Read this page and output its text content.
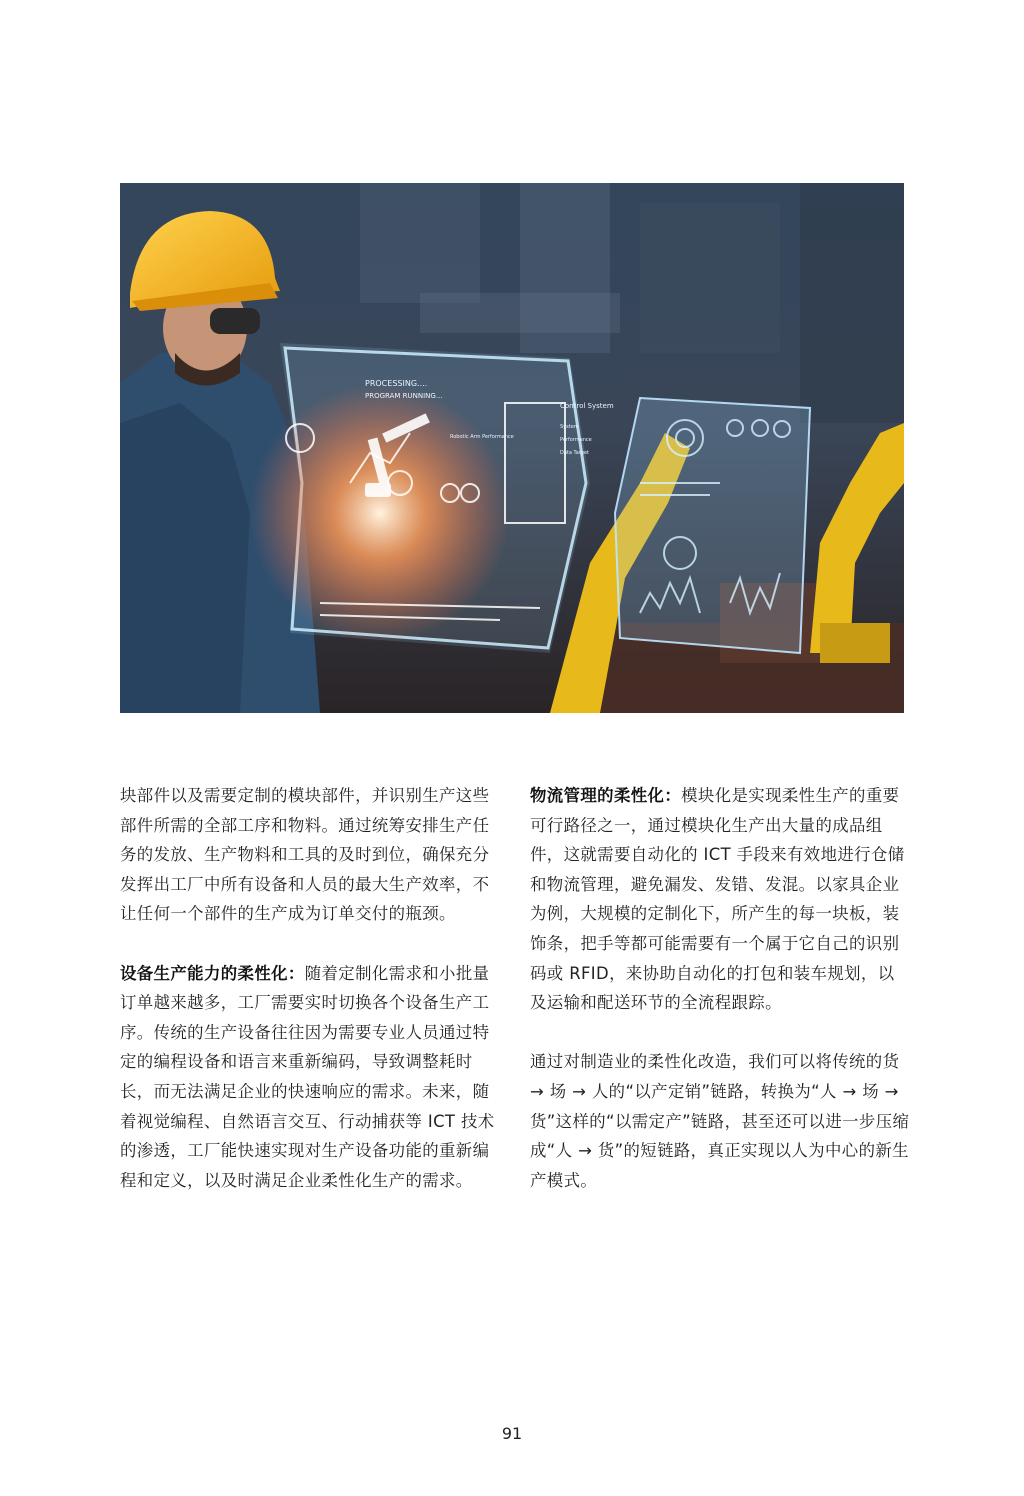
PROCESSING....
PROGRAM RUNNING...
Control System
Robotic Arm Performance
System
Performance
Data Target

块部件以及需要定制的模块部件，并识别生产这些部件所需的全部工序和物料。通过统筹安排生产任务的发放、生产物料和工具的及时到位，确保充分发挥出工厂中所有设备和人员的最大生产效率，不让任何一个部件的生产成为订单交付的瓶颈。

设备生产能力的柔性化：随着定制化需求和小批量订单越来越多，工厂需要实时切换各个设备生产工序。传统的生产设备往往因为需要专业人员通过特定的编程设备和语言来重新编码，导致调整耗时长，而无法满足企业的快速响应的需求。未来，随着视觉编程、自然语言交互、行动捕获等 ICT 技术的渗透，工厂能快速实现对生产设备功能的重新编程和定义，以及时满足企业柔性化生产的需求。

物流管理的柔性化：模块化是实现柔性生产的重要可行路径之一，通过模块化生产出大量的成品组件，这就需要自动化的 ICT 手段来有效地进行仓储和物流管理，避免漏发、发错、发混。以家具企业为例，大规模的定制化下，所产生的每一块板，装饰条，把手等都可能需要有一个属于它自己的识别码或 RFID，来协助自动化的打包和装车规划，以及运输和配送环节的全流程跟踪。

通过对制造业的柔性化改造，我们可以将传统的货 → 场 → 人的“以产定销”链路，转换为“人 → 场 → 货”这样的“以需定产”链路，甚至还可以进一步压缩成“人 → 货”的短链路，真正实现以人为中心的新生产模式。

91
